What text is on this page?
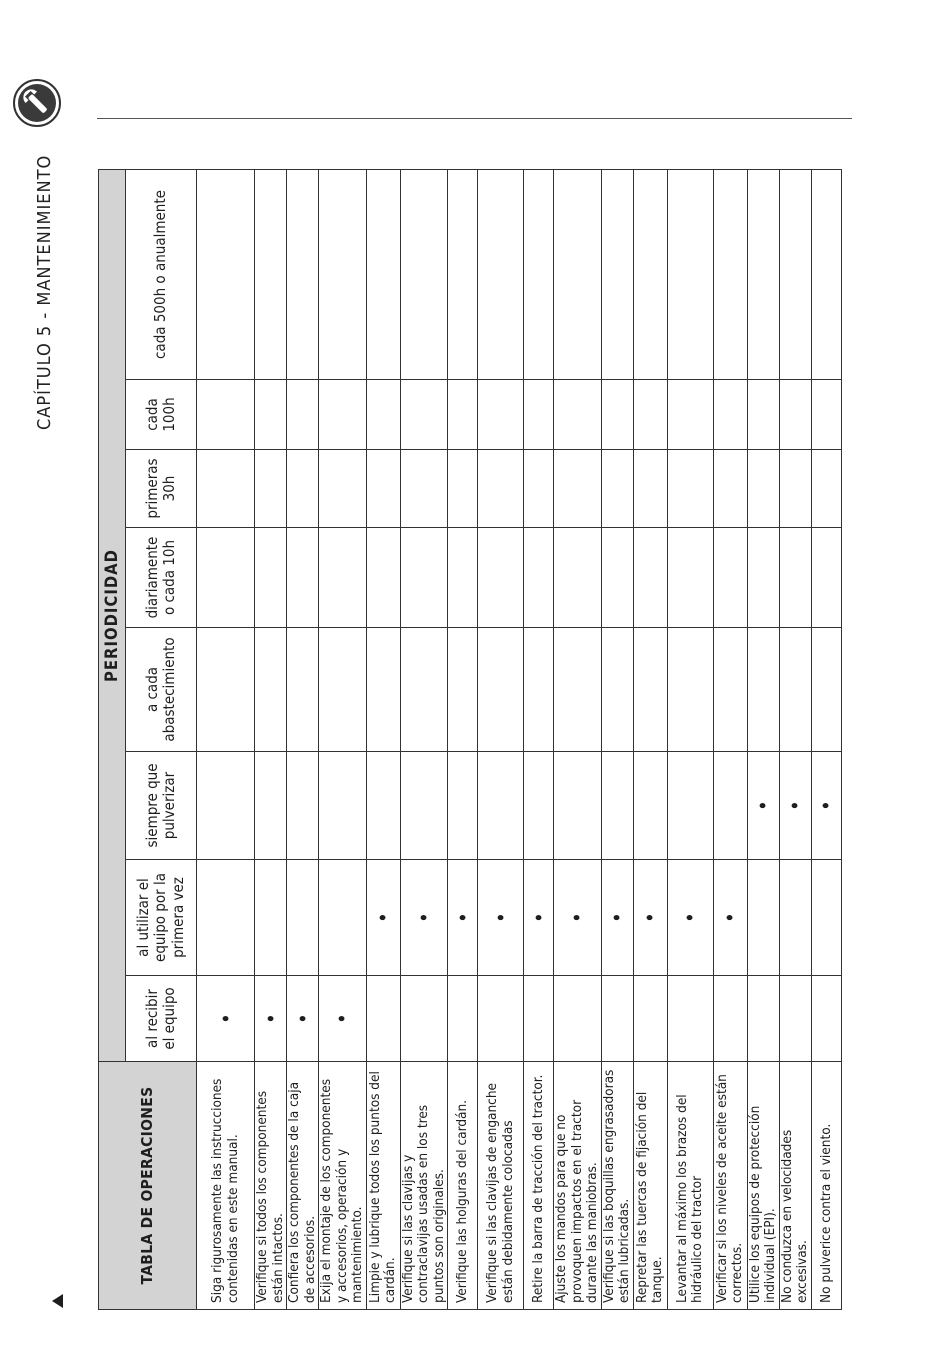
CAPÍTULO 5 - MANTENIMIENTO
TABLA DE OPERACIONES	PERIODICIDAD							
	al recibir el equipo	al utilizar el equipo por la primera vez	siempre que pulverizar	a cada abastecimiento	diariamente o cada 10h	primeras 30h	cada 100h	cada 500h o anualmente
Siga rigurosamente las instrucciones contenidas en este manual.	•							
Verifique si todos los componentes están intactos.	•							
Confiera los componentes de la caja de accesorios.	•							
Exija el montaje de los componentes y accesorios, operación y mantenimiento.	•							
Limpie y lubrique todos los puntos del cardán.		•						
Verifique si las clavijas y contraclavijas usadas en los tres puntos son originales.		•						
Verifique las holguras del cardán.		•						
Verifique si las clavijas de enganche están debidamente colocadas		•						
Retire la barra de tracción del tractor.		•						
Ajuste los mandos para que no provoquen impactos en el tractor durante las maniobras.		•						
Verifique si las boquillas engrasadoras están lubricadas.		•						
Repretar las tuercas de fijación del tanque.		•						
Levantar al máximo los brazos del hidráulico del tractor		•						
Verificar si los niveles de aceite están correctos.		•						
Utilice los equipos de protección individual (EPI).			•					
No conduzca en velocidades excesivas.			•					
No pulverice contra el viento.			•					
